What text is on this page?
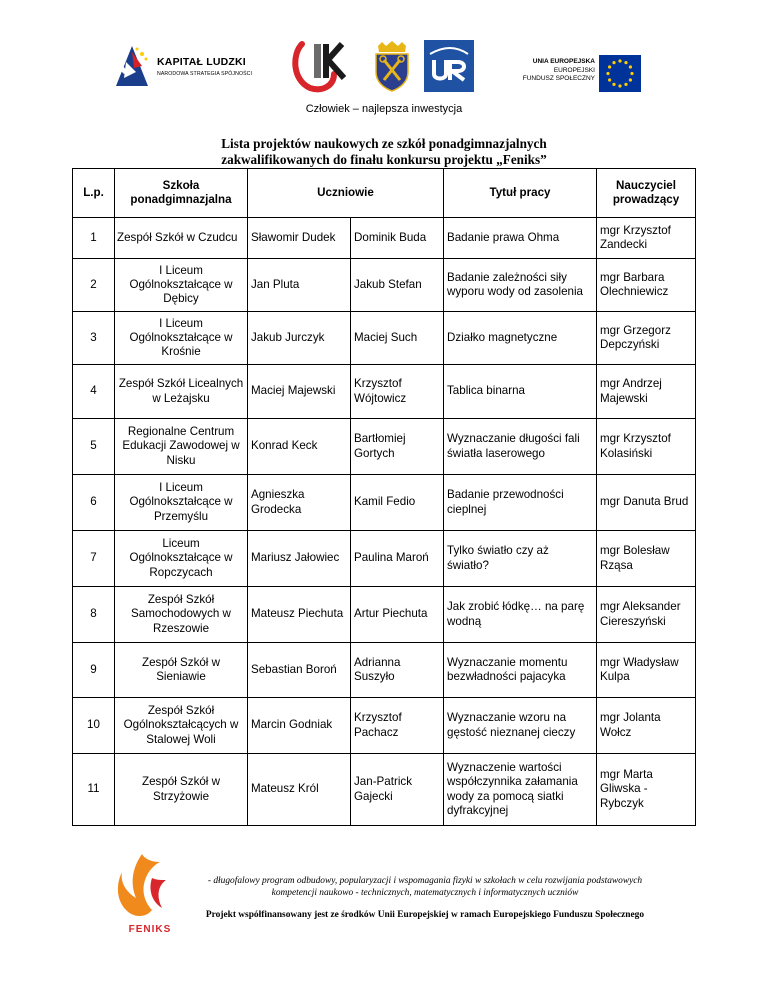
KAPITAŁ LUDZKI
NARODOWA STRATEGIA SPÓJNOŚCI
UNIA EUROPEJSKA
EUROPEJSKI
FUNDUSZ SPOŁECZNY
Człowiek – najlepsza inwestycja
Lista projektów naukowych ze szkół ponadgimnazjalnych
zakwalifikowanych do finału konkursu projektu „Feniks”
L.p.	Szkoła ponadgimnazjalna	Uczniowie		Tytuł pracy	Nauczyciel prowadzący
1	Zespół Szkół w Czudcu	Sławomir Dudek	Dominik Buda	Badanie prawa Ohma	mgr Krzysztof Zandecki
2	I Liceum Ogólnokształcące w Dębicy	Jan Pluta	Jakub Stefan	Badanie zależności siły wyporu wody od zasolenia	mgr Barbara Olechniewicz
3	I Liceum Ogólnokształcące w Krośnie	Jakub Jurczyk	Maciej Such	Działko magnetyczne	mgr Grzegorz Depczyński
4	Zespół Szkół Licealnych w Leżajsku	Maciej Majewski	Krzysztof Wójtowicz	Tablica binarna	mgr Andrzej Majewski
5	Regionalne Centrum Edukacji Zawodowej w Nisku	Konrad Keck	Bartłomiej Gortych	Wyznaczanie długości fali światła laserowego	mgr Krzysztof Kolasiński
6	I Liceum Ogólnokształcące w Przemyślu	Agnieszka Grodecka	Kamil Fedio	Badanie przewodności cieplnej	mgr Danuta Brud
7	Liceum Ogólnokształcące w Ropczycach	Mariusz Jałowiec	Paulina Maroń	Tylko światło czy aż światło?	mgr Bolesław Rząsa
8	Zespół Szkół Samochodowych w Rzeszowie	Mateusz Piechuta	Artur Piechuta	Jak zrobić łódkę… na parę wodną	mgr Aleksander Ciereszyński
9	Zespół Szkół w Sieniawie	Sebastian Boroń	Adrianna Suszyło	Wyznaczanie momentu bezwładności pajacyka	mgr Władysław Kulpa
10	Zespół Szkół Ogólnokształcących w Stalowej Woli	Marcin Godniak	Krzysztof Pachacz	Wyznaczanie wzoru na gęstość nieznanej cieczy	mgr Jolanta Wołcz
11	Zespół Szkół w Strzyżowie	Mateusz Król	Jan-Patrick Gajecki	Wyznaczenie wartości współczynnika załamania wody za pomocą siatki dyfrakcyjnej	mgr Marta Gliwska - Rybczyk
FENIKS
- długofalowy program odbudowy, popularyzacji i wspomagania fizyki w szkołach w celu rozwijania podstawowych
kompetencji naukowo - technicznych, matematycznych i informatycznych uczniów
Projekt współfinansowany jest ze środków Unii Europejskiej w ramach Europejskiego Funduszu Społecznego
